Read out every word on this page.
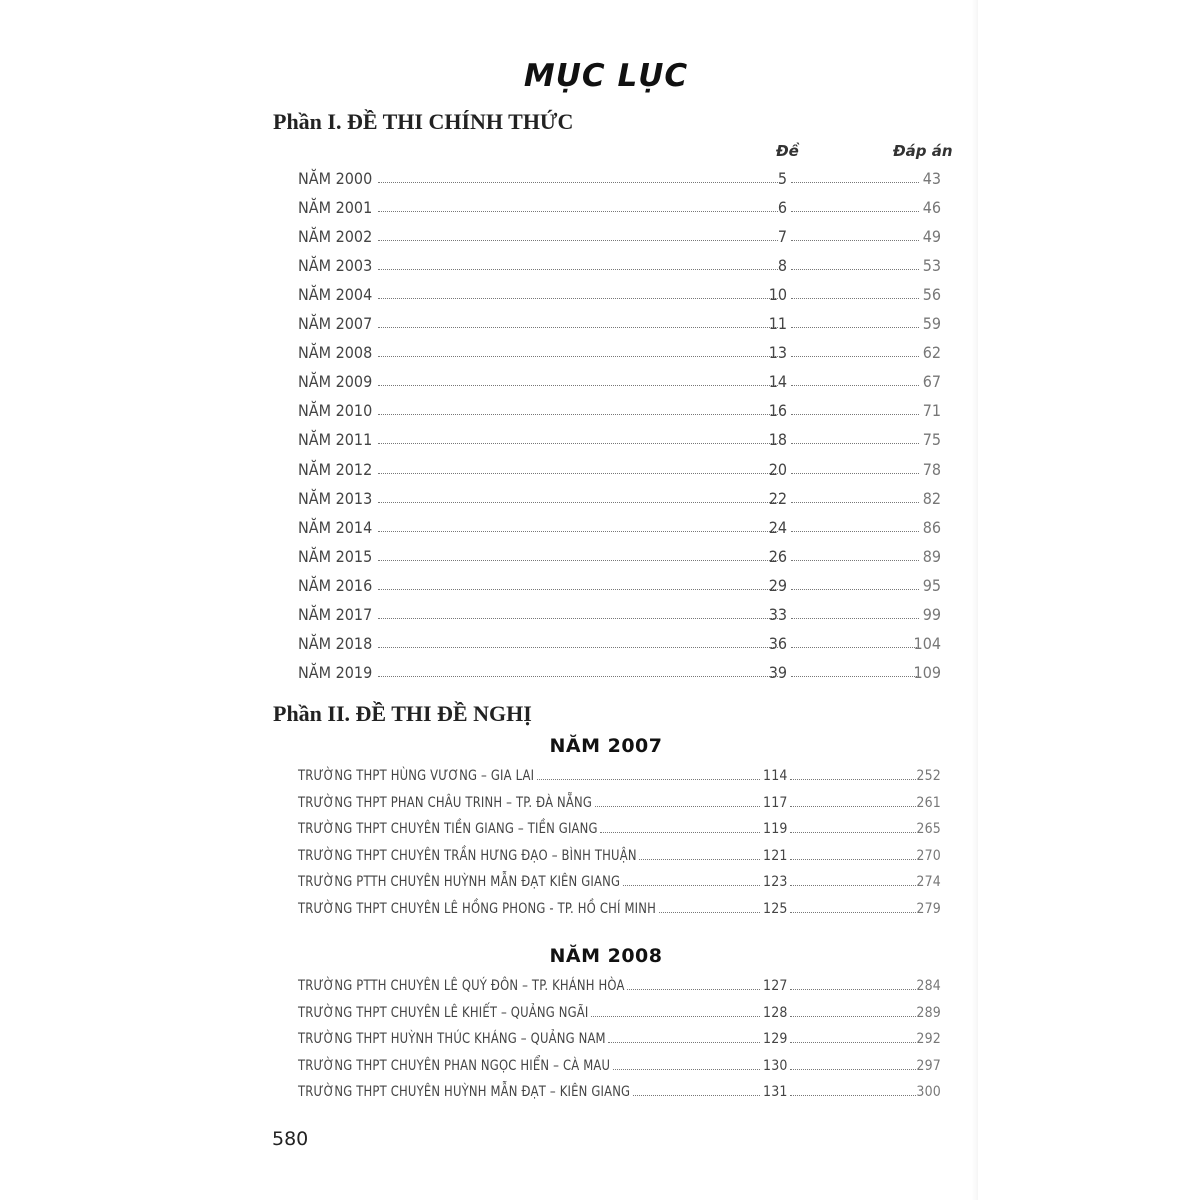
MỤC LỤC
Phần I. ĐỀ THI CHÍNH THỨC
Đề	Đáp án
NĂM 2000	5	43
NĂM 2001	6	46
NĂM 2002	7	49
NĂM 2003	8	53
NĂM 2004	10	56
NĂM 2007	11	59
NĂM 2008	13	62
NĂM 2009	14	67
NĂM 2010	16	71
NĂM 2011	18	75
NĂM 2012	20	78
NĂM 2013	22	82
NĂM 2014	24	86
NĂM 2015	26	89
NĂM 2016	29	95
NĂM 2017	33	99
NĂM 2018	36	104
NĂM 2019	39	109
Phần II. ĐỀ THI ĐỀ NGHỊ
NĂM 2007
TRƯỜNG THPT HÙNG VƯƠNG – GIA LAI	114	252
TRƯỜNG THPT PHAN CHÂU TRINH – TP. ĐÀ NẴNG	117	261
TRƯỜNG THPT CHUYÊN TIỀN GIANG – TIỀN GIANG	119	265
TRƯỜNG THPT CHUYÊN TRẦN HƯNG ĐẠO – BÌNH THUẬN	121	270
TRƯỜNG PTTH CHUYÊN HUỲNH MẪN ĐẠT KIÊN GIANG	123	274
TRƯỜNG THPT CHUYÊN LÊ HỒNG PHONG - TP. HỒ CHÍ MINH	125	279
NĂM 2008
TRƯỜNG PTTH CHUYÊN LÊ QUÝ ĐÔN – TP. KHÁNH HÒA	127	284
TRƯỜNG THPT CHUYÊN LÊ KHIẾT – QUẢNG NGÃI	128	289
TRƯỜNG THPT HUỲNH THÚC KHÁNG – QUẢNG NAM	129	292
TRƯỜNG THPT CHUYÊN PHAN NGỌC HIỂN – CÀ MAU	130	297
TRƯỜNG THPT CHUYÊN HUỲNH MẪN ĐẠT – KIÊN GIANG	131	300
580
